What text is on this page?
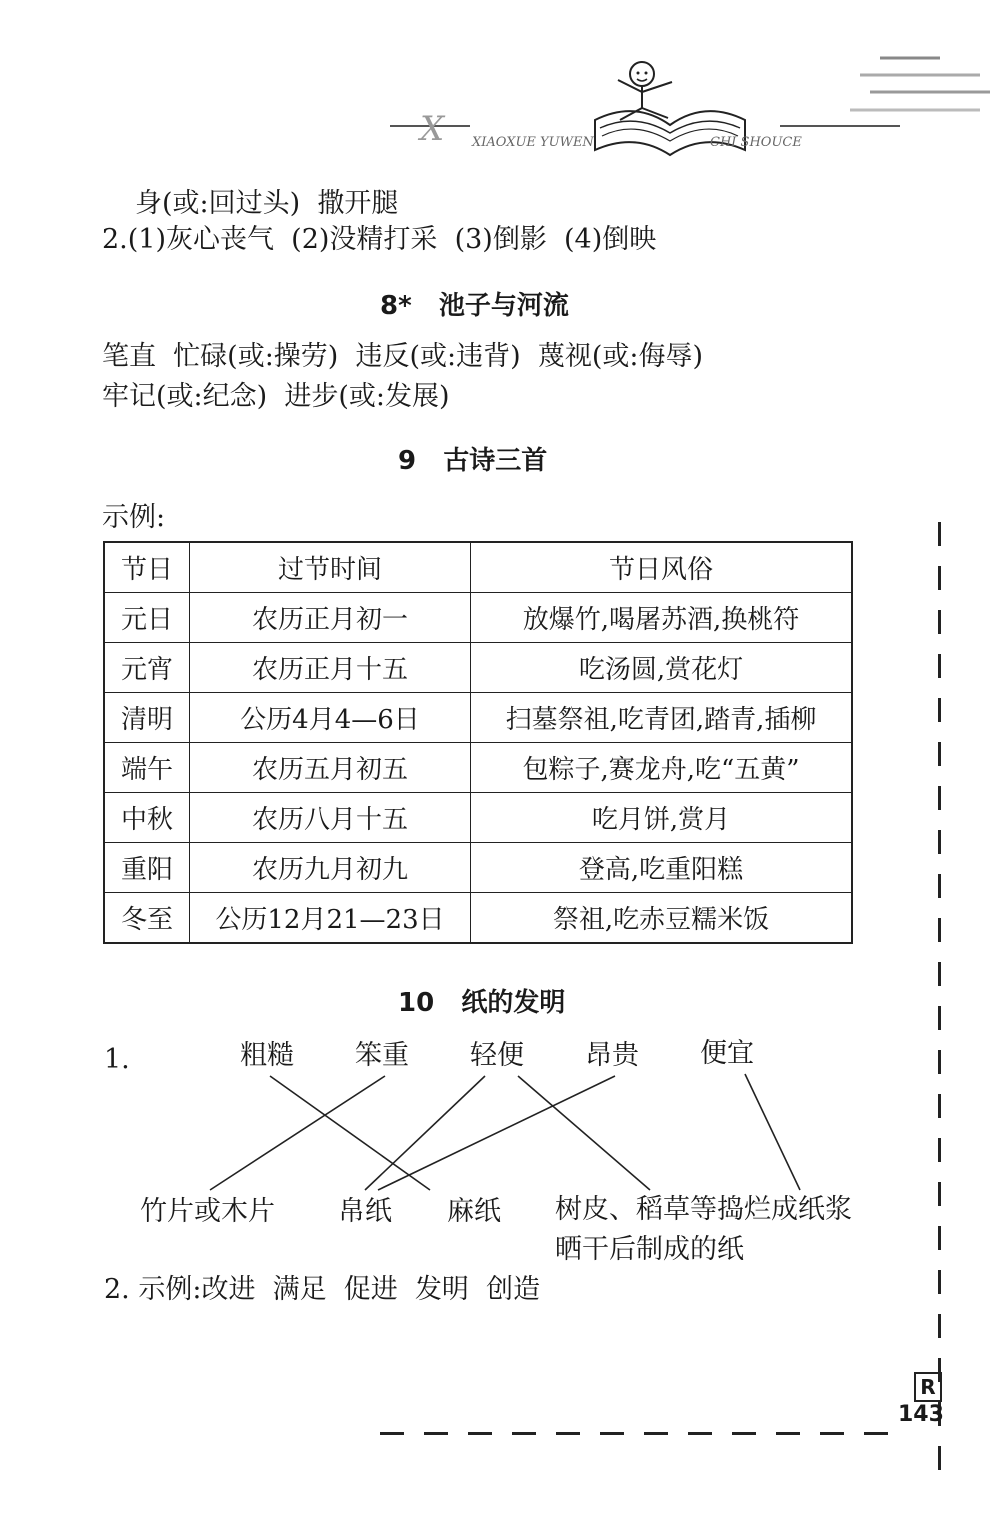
X XIAOXUE YUWEN	CHI SHOUCE
身(或:回过头)  撒开腿
2.(1)灰心丧气  (2)没精打采  (3)倒影  (4)倒映
8*   池子与河流
笔直  忙碌(或:操劳)  违反(或:违背)  蔑视(或:侮辱)
牢记(或:纪念)  进步(或:发展)
9   古诗三首
示例:
节日	过节时间	节日风俗
元日	农历正月初一	放爆竹,喝屠苏酒,换桃符
元宵	农历正月十五	吃汤圆,赏花灯
清明	公历4月4—6日	扫墓祭祖,吃青团,踏青,插柳
端午	农历五月初五	包粽子,赛龙舟,吃“五黄”
中秋	农历八月十五	吃月饼,赏月
重阳	农历九月初九	登高,吃重阳糕
冬至	公历12月21—23日	祭祖,吃赤豆糯米饭
10   纸的发明
1.	粗糙 笨重 轻便 昂贵 便宜
竹片或木片 帛纸 麻纸 树皮、稻草等捣烂成纸浆
晒干后制成的纸
2. 示例:改进  满足  促进  发明  创造
R
143
